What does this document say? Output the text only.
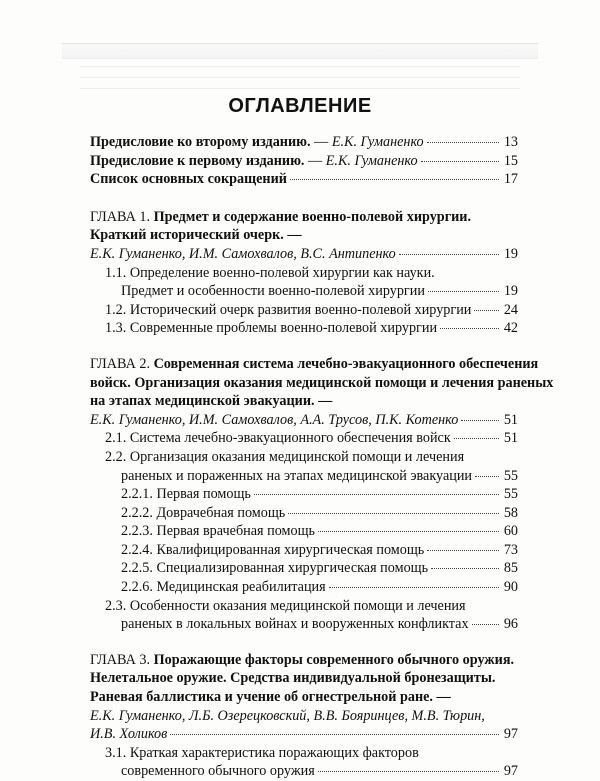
ОГЛАВЛЕНИЕ
Предисловие ко второму изданию. — Е.К. Гуманенко	13
Предисловие к первому изданию. — Е.К. Гуманенко	15
Список основных сокращений	17
ГЛАВА 1. Предмет и содержание военно-полевой хирургии.
Краткий исторический очерк. —
Е.К. Гуманенко, И.М. Самохвалов, В.С. Антипенко	19
1.1. Определение военно-полевой хирургии как науки.
Предмет и особенности военно-полевой хирургии	19
1.2. Исторический очерк развития военно-полевой хирургии 24
1.3. Современные проблемы военно-полевой хирургии	42
ГЛАВА 2. Современная система лечебно-эвакуационного обеспечения
войск. Организация оказания медицинской помощи и лечения раненых
на этапах медицинской эвакуации. —
Е.К. Гуманенко, И.М. Самохвалов, А.А. Трусов, П.К. Котенко	51
2.1. Система лечебно-эвакуационного обеспечения войск	51
2.2. Организация оказания медицинской помощи и лечения
раненых и пораженных на этапах медицинской эвакуации 55
2.2.1. Первая помощь	55
2.2.2. Доврачебная помощь	58
2.2.3. Первая врачебная помощь	60
2.2.4. Квалифицированная хирургическая помощь	73
2.2.5. Специализированная хирургическая помощь	85
2.2.6. Медицинская реабилитация	90
2.3. Особенности оказания медицинской помощи и лечения
раненых в локальных войнах и вооруженных конфликтах 96
ГЛАВА 3. Поражающие факторы современного обычного оружия.
Нелетальное оружие. Средства индивидуальной бронезащиты.
Раневая баллистика и учение об огнестрельной ране. —
Е.К. Гуманенко, Л.Б. Озерецковский, В.В. Бояринцев, М.В. Тюрин,
И.В. Холиков	97
3.1. Краткая характеристика поражающих факторов
современного обычного оружия	97
